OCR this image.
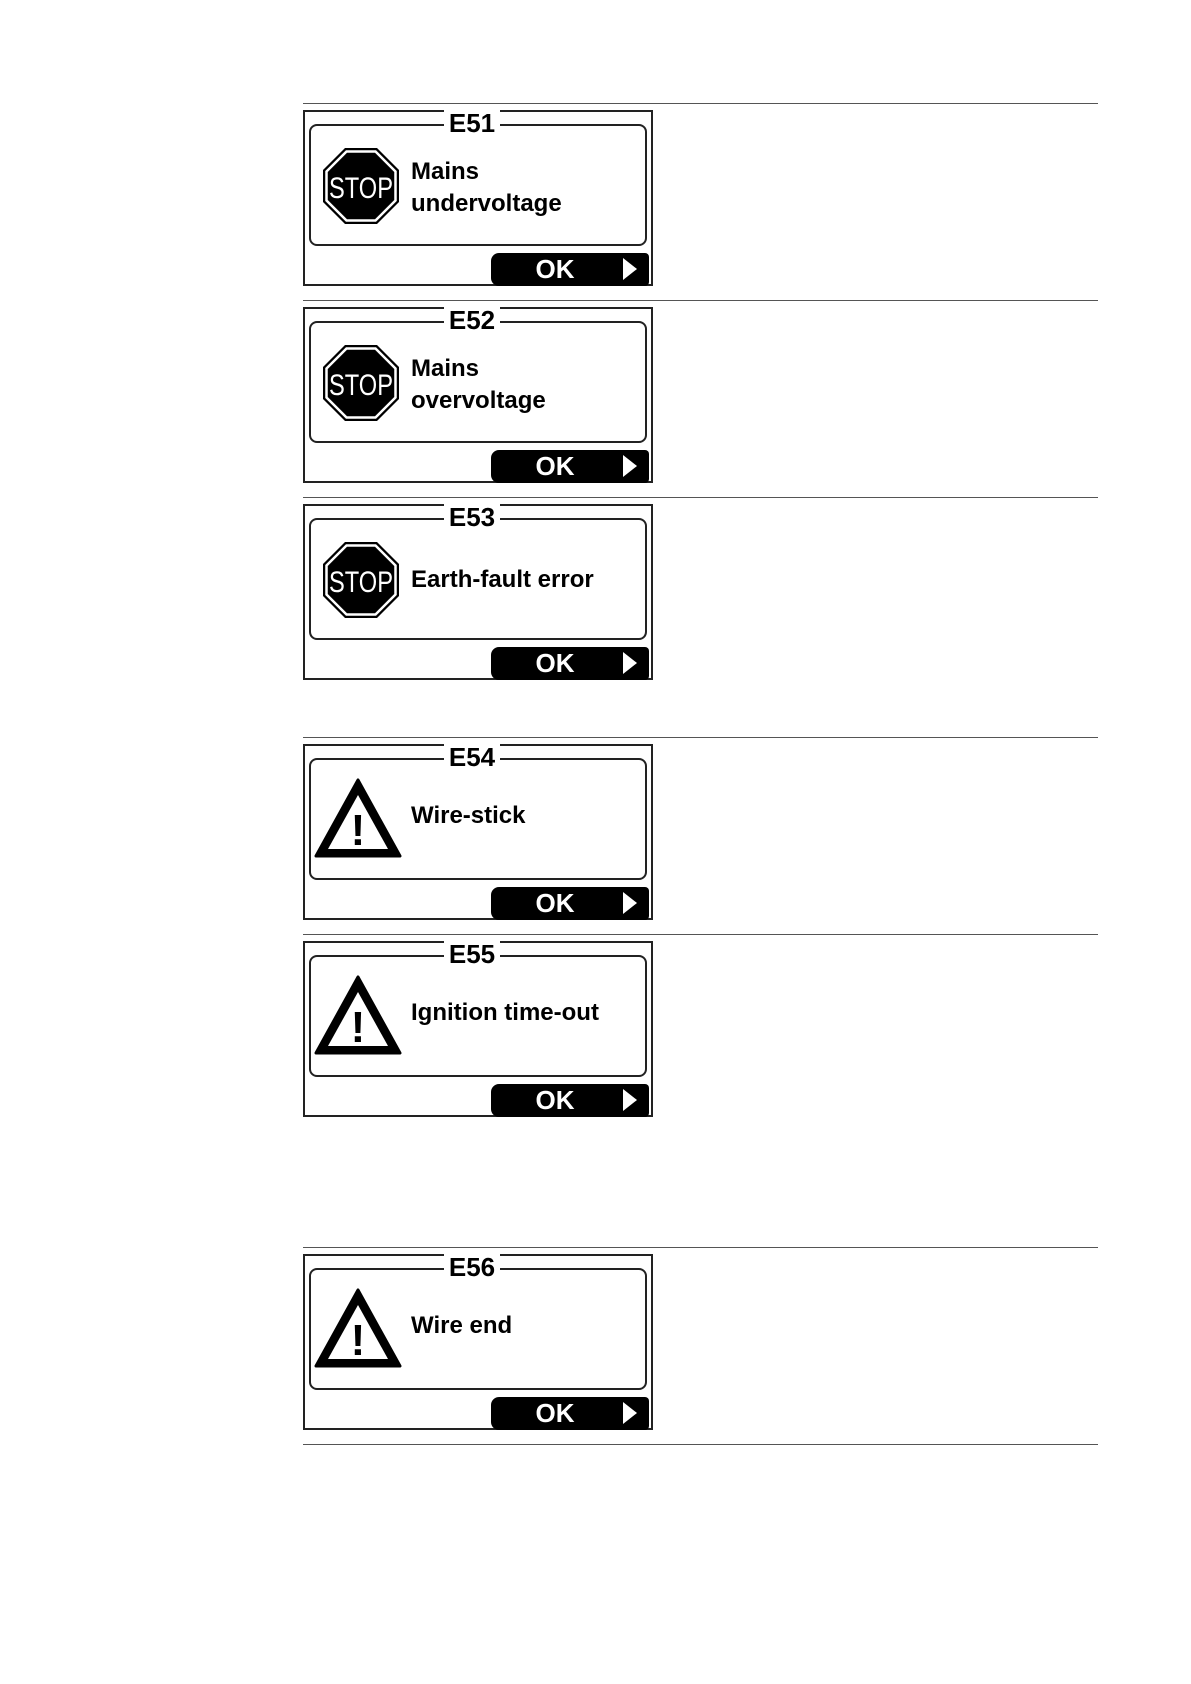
STOP
Mains
undervoltage
E51
OK
STOP
Mains
overvoltage
E52
OK
STOP Earth-fault error
E53
OK
! Wire-stick
E54
OK
! Ignition time-out
E55
OK
! Wire end
E56
OK
